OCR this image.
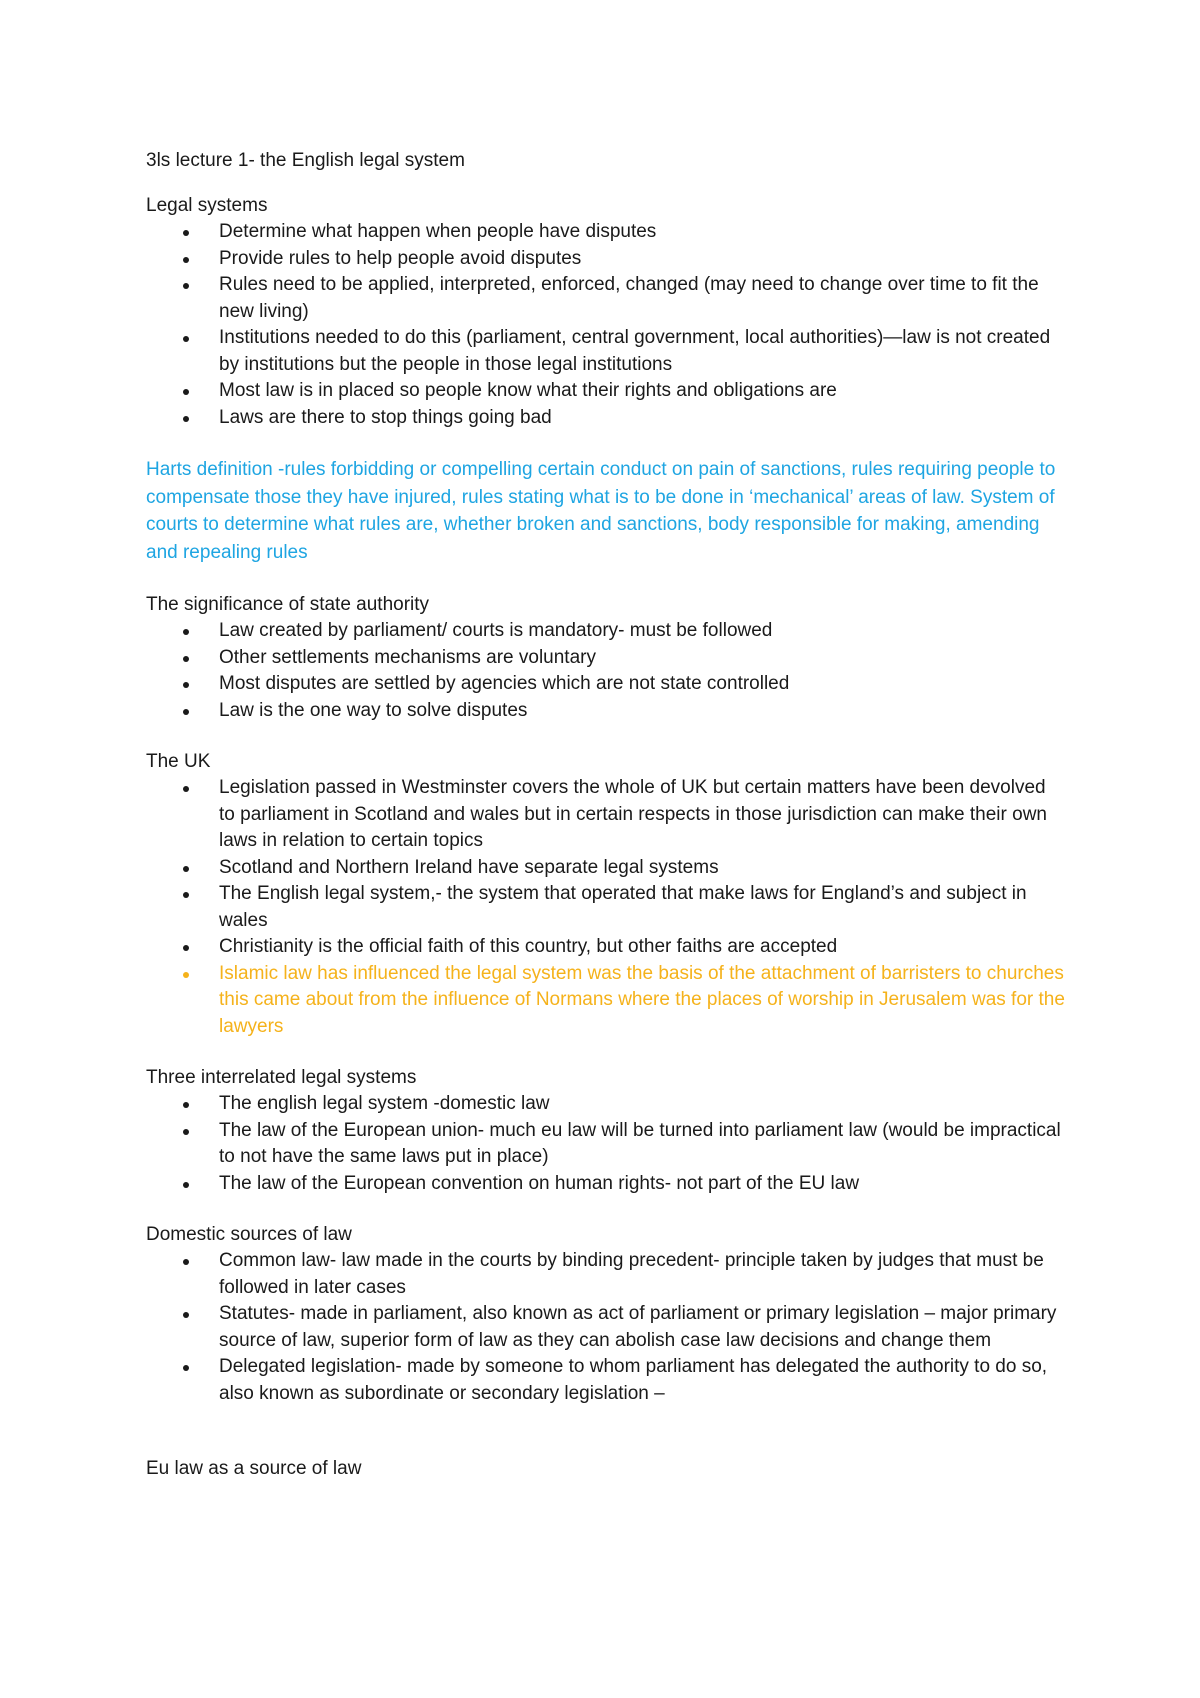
3ls lecture 1- the English legal system
Legal systems
Determine what happen when people have disputes
Provide rules to help people avoid disputes
Rules need to be applied, interpreted, enforced, changed (may need to change over time to fit the new living)
Institutions needed to do this (parliament, central government, local authorities)—law is not created by institutions but the people in those legal institutions
Most law is in placed so people know what their rights and obligations are
Laws are there to stop things going bad
Harts definition -rules forbidding or compelling certain conduct on pain of sanctions, rules requiring people to compensate those they have injured, rules stating what is to be done in ‘mechanical’ areas of law. System of courts to determine what rules are, whether broken and sanctions, body responsible for making, amending and repealing rules
The significance of state authority
Law created by parliament/ courts is mandatory- must be followed
Other settlements mechanisms are voluntary
Most disputes are settled by agencies which are not state controlled
Law is the one way to solve disputes
The UK
Legislation passed in Westminster covers the whole of UK but certain matters have been devolved to parliament in Scotland and wales but in certain respects in those jurisdiction can make their own laws in relation to certain topics
Scotland and Northern Ireland have separate legal systems
The English legal system,- the system that operated that make laws for England’s and subject in wales
Christianity is the official faith of this country, but other faiths are accepted
Islamic law has influenced the legal system was the basis of the attachment of barristers to churches this came about from the influence of Normans where the places of worship in Jerusalem was for the lawyers
Three interrelated legal systems
The english legal system -domestic law
The law of the European union- much eu law will be turned into parliament law (would be impractical to not have the same laws put in place)
The law of the European convention on human rights- not part of the EU law
Domestic sources of law
Common law- law made in the courts by binding precedent- principle taken by judges that must be followed in later cases
Statutes- made in parliament, also known as act of parliament or primary legislation – major primary source of law, superior form of law as they can abolish case law decisions and change them
Delegated legislation- made by someone to whom parliament has delegated the authority to do so, also known as subordinate or secondary legislation –
Eu law as a source of law
